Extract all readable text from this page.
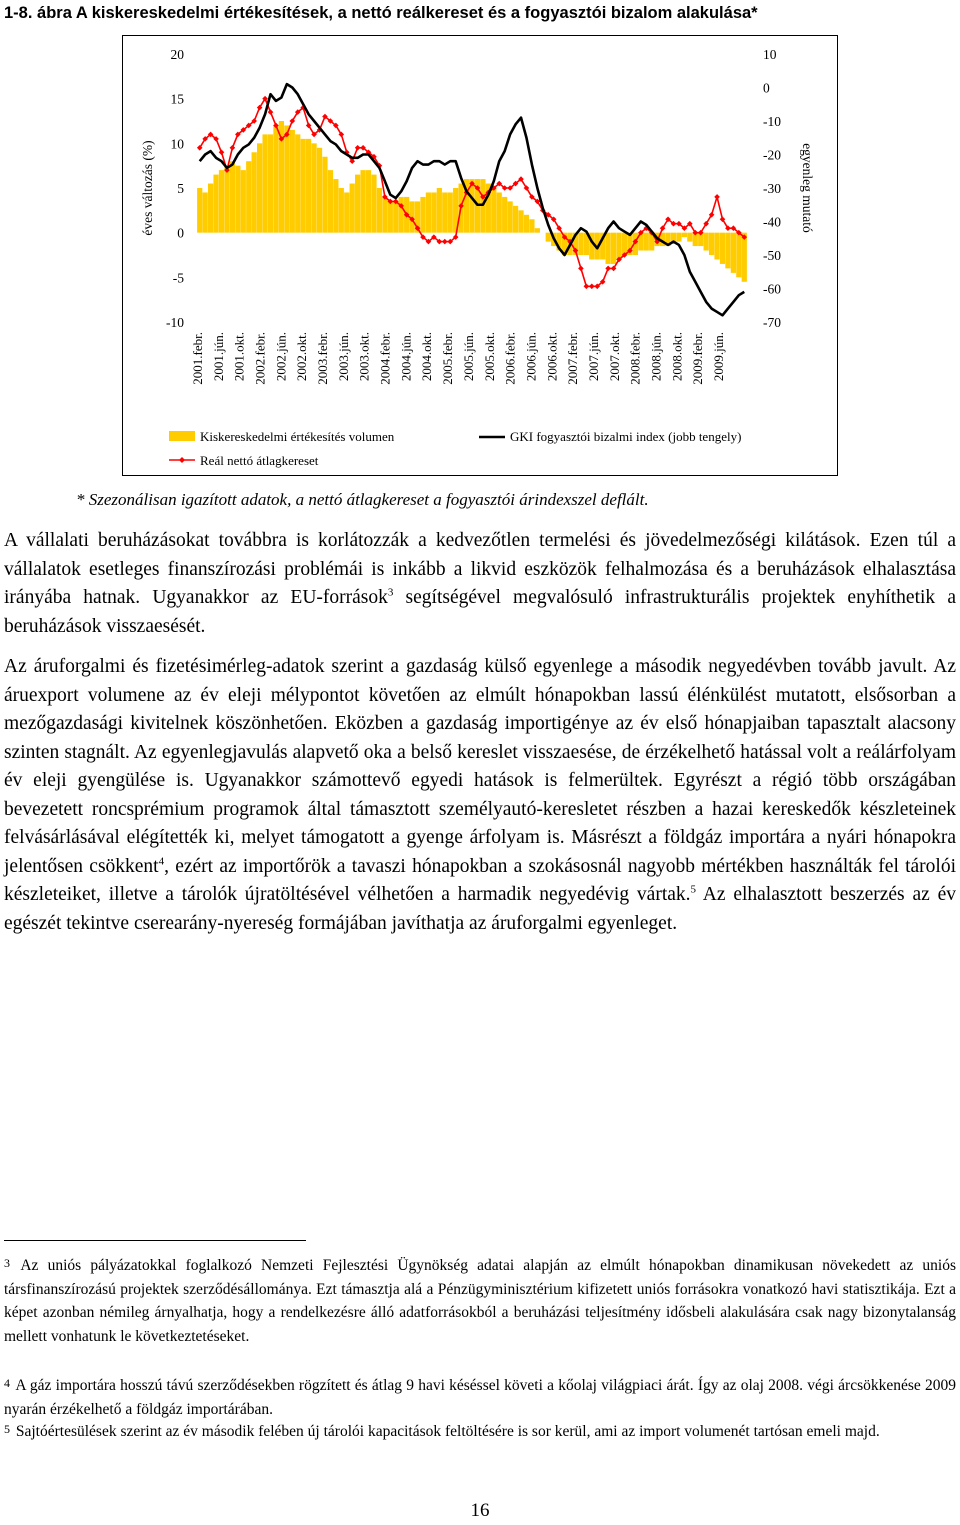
1-8. ábra A kiskereskedelmi értékesítések, a nettó reálkereset és a fogyasztói bizalom alakulása*
20
15
10
5
0
-5
-10
10
0
-10
-20
-30
-40
-50
-60
-70
éves változás (%)	egyenleg mutató
2001.febr. 2001.jún. 2001.okt. 2002.febr. 2002.jún. 2002.okt. 2003.febr. 2003.jún. 2003.okt. 2004.febr. 2004.jún. 2004.okt. 2005.febr. 2005.jún. 2005.okt. 2006.febr. 2006.jún. 2006.okt. 2007.febr. 2007.jún. 2007.okt. 2008.febr. 2008.jún. 2008.okt. 2009.febr. 2009.jún.
Kiskereskedelmi értékesítés volumen
Reál nettó átlagkereset
GKI fogyasztói bizalmi index (jobb tengely)
* Szezonálisan igazított adatok, a nettó átlagkereset a fogyasztói árindexszel deflált.

A vállalati beruházásokat továbbra is korlátozzák a kedvezőtlen termelési és jövedelmezőségi kilátások. Ezen túl a vállalatok esetleges finanszírozási problémái is inkább a likvid eszközök felhalmozása és a beruházások elhalasztása irányába hatnak. Ugyanakkor az EU-források$^3$ segítségével megvalósuló infrastrukturális projektek enyhíthetik a beruházások visszaesését.

Az áruforgalmi és fizetésimérleg-adatok szerint a gazdaság külső egyenlege a második negyedévben tovább javult. Az áruexport volumene az év eleji mélypontot követően az elmúlt hónapokban lassú élénkülést mutatott, elsősorban a mezőgazdasági kivitelnek köszönhetően. Eközben a gazdaság importigénye az év első hónapjaiban tapasztalt alacsony szinten stagnált. Az egyenlegjavulás alapvető oka a belső kereslet visszaesése, de érzékelhető hatással volt a reálárfolyam év eleji gyengülése is. Ugyanakkor számottevő egyedi hatások is felmerültek. Egyrészt a régió több országában bevezetett roncsprémium programok által támasztott személyautó-keresletet részben a hazai kereskedők készleteinek felvásárlásával elégítették ki, melyet támogatott a gyenge árfolyam is. Másrészt a földgáz importára a nyári hónapokra jelentősen csökkent$^4$, ezért az importőrök a tavaszi hónapokban a szokásosnál nagyobb mértékben használták fel tárolói készleteiket, illetve a tárolók újratöltésével vélhetően a harmadik negyedévig vártak.$^5$ Az elhalasztott beszerzés az év egészét tekintve cserearány-nyereség formájában javíthatja az áruforgalmi egyenleget.

$^3$ Az uniós pályázatokkal foglalkozó Nemzeti Fejlesztési Ügynökség adatai alapján az elmúlt hónapokban dinamikusan növekedett az uniós társfinanszírozású projektek szerződésállománya. Ezt támasztja alá a Pénzügyminisztérium kifizetett uniós forrásokra vonatkozó havi statisztikája. Ezt a képet azonban némileg árnyalhatja, hogy a rendelkezésre álló adatforrásokból a beruházási teljesítmény idősbeli alakulására csak nagy bizonytalanság mellett vonhatunk le következtetéseket.

$^4$ A gáz importára hosszú távú szerződésekben rögzített és átlag 9 havi késéssel követi a kőolaj világpiaci árát. Így az olaj 2008. végi árcsökkenése 2009 nyarán érzékelhető a földgáz importárában.

$^5$ Sajtóértesülések szerint az év második felében új tárolói kapacitások feltöltésére is sor kerül, ami az import volumenét tartósan emeli majd.

16
